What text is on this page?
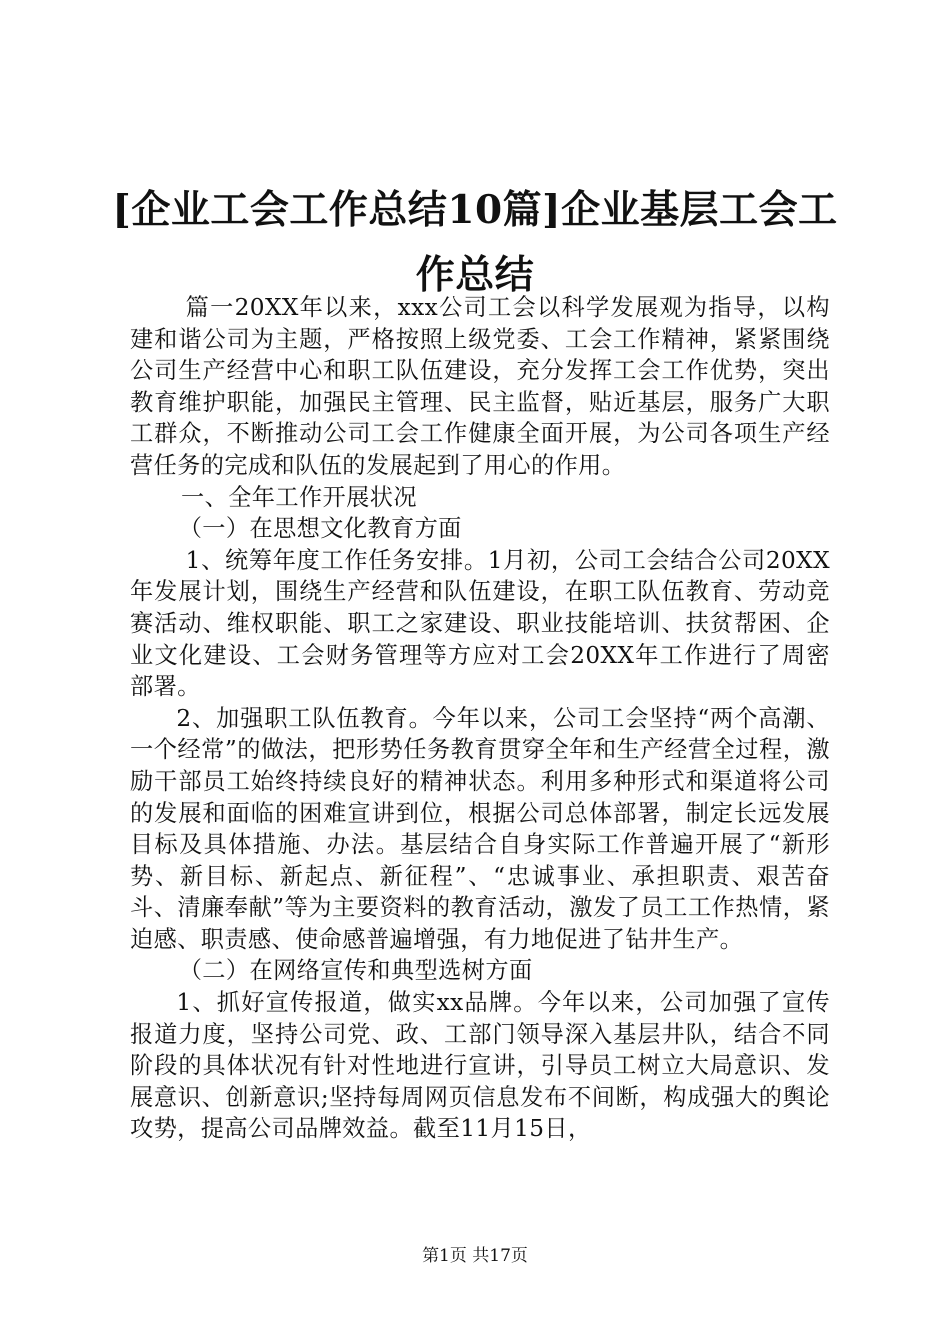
[企业工会工作总结10篇]企业基层工会工作总结

篇一20XX年以来，xxx公司工会以科学发展观为指导，以构建和谐公司为主题，严格按照上级党委、工会工作精神，紧紧围绕公司生产经营中心和职工队伍建设，充分发挥工会工作优势，突出教育维护职能，加强民主管理、民主监督，贴近基层，服务广大职工群众，不断推动公司工会工作健康全面开展，为公司各项生产经营任务的完成和队伍的发展起到了用心的作用。

一、全年工作开展状况

（一）在思想文化教育方面

1、统筹年度工作任务安排。1月初，公司工会结合公司20XX年发展计划，围绕生产经营和队伍建设，在职工队伍教育、劳动竞赛活动、维权职能、职工之家建设、职业技能培训、扶贫帮困、企业文化建设、工会财务管理等方应对工会20XX年工作进行了周密部署。

2、加强职工队伍教育。今年以来，公司工会坚持“两个高潮、一个经常”的做法，把形势任务教育贯穿全年和生产经营全过程，激励干部员工始终持续良好的精神状态。利用多种形式和渠道将公司的发展和面临的困难宣讲到位，根据公司总体部署，制定长远发展目标及具体措施、办法。基层结合自身实际工作普遍开展了“新形势、新目标、新起点、新征程”、“忠诚事业、承担职责、艰苦奋斗、清廉奉献”等为主要资料的教育活动，激发了员工工作热情，紧迫感、职责感、使命感普遍增强，有力地促进了钻井生产。

（二）在网络宣传和典型选树方面

1、抓好宣传报道，做实xx品牌。今年以来，公司加强了宣传报道力度，坚持公司党、政、工部门领导深入基层井队，结合不同阶段的具体状况有针对性地进行宣讲，引导员工树立大局意识、发展意识、创新意识;坚持每周网页信息发布不间断，构成强大的舆论攻势，提高公司品牌效益。截至11月15日，

第1页 共17页
